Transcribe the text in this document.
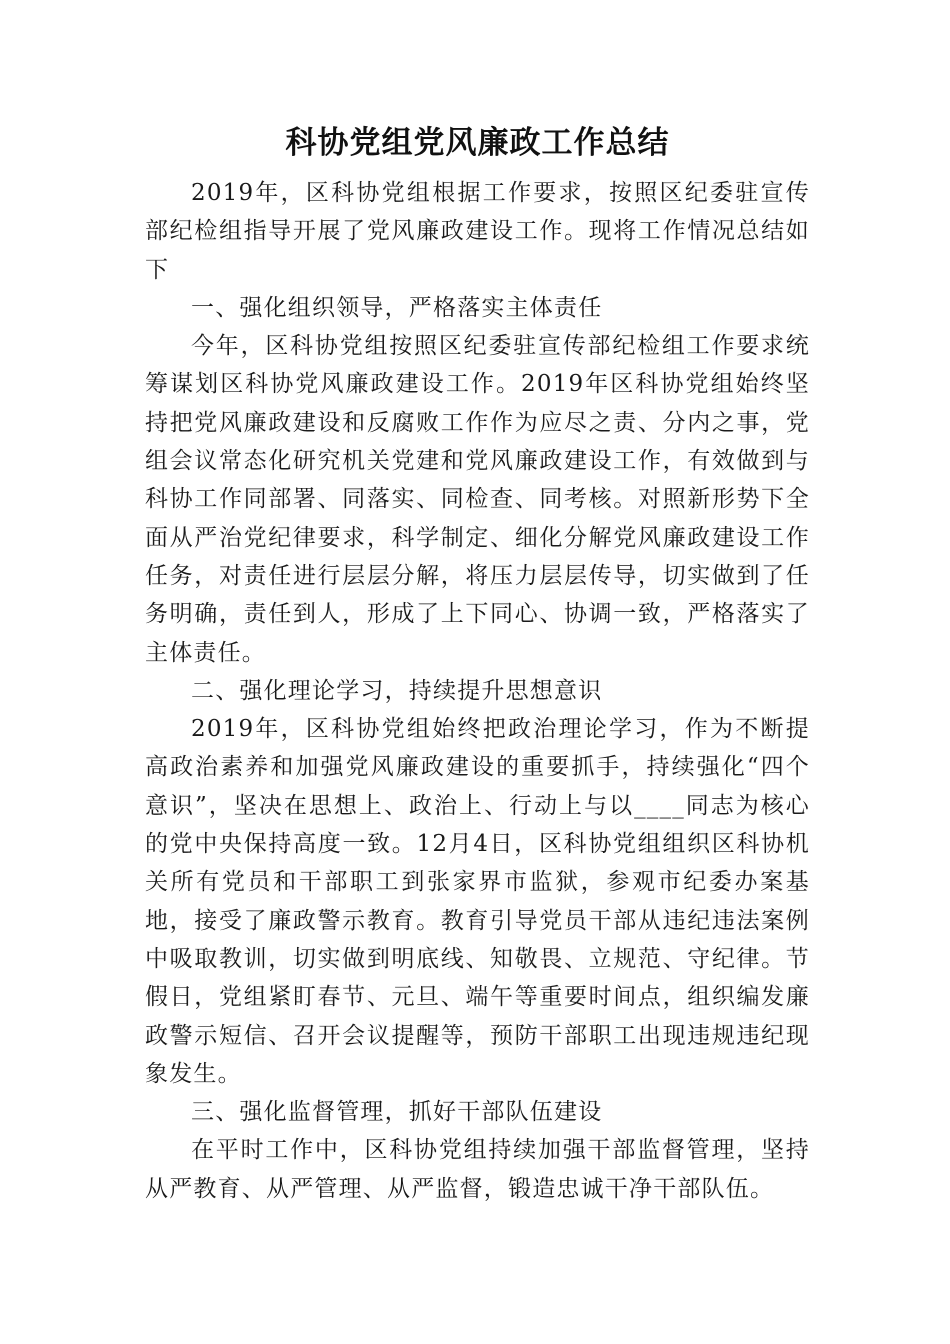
科协党组党风廉政工作总结

2019年，区科协党组根据工作要求，按照区纪委驻宣传部纪检组指导开展了党风廉政建设工作。现将工作情况总结如下

一、强化组织领导，严格落实主体责任

今年，区科协党组按照区纪委驻宣传部纪检组工作要求统筹谋划区科协党风廉政建设工作。2019年区科协党组始终坚持把党风廉政建设和反腐败工作作为应尽之责、分内之事，党组会议常态化研究机关党建和党风廉政建设工作，有效做到与科协工作同部署、同落实、同检查、同考核。对照新形势下全面从严治党纪律要求，科学制定、细化分解党风廉政建设工作任务，对责任进行层层分解，将压力层层传导，切实做到了任务明确，责任到人，形成了上下同心、协调一致，严格落实了主体责任。

二、强化理论学习，持续提升思想意识

2019年，区科协党组始终把政治理论学习，作为不断提高政治素养和加强党风廉政建设的重要抓手，持续强化“四个意识”，坚决在思想上、政治上、行动上与以____同志为核心的党中央保持高度一致。12月4日，区科协党组组织区科协机关所有党员和干部职工到张家界市监狱，参观市纪委办案基地，接受了廉政警示教育。教育引导党员干部从违纪违法案例中吸取教训，切实做到明底线、知敬畏、立规范、守纪律。节假日，党组紧盯春节、元旦、端午等重要时间点，组织编发廉政警示短信、召开会议提醒等，预防干部职工出现违规违纪现象发生。

三、强化监督管理，抓好干部队伍建设

在平时工作中，区科协党组持续加强干部监督管理，坚持从严教育、从严管理、从严监督，锻造忠诚干净干部队伍。
